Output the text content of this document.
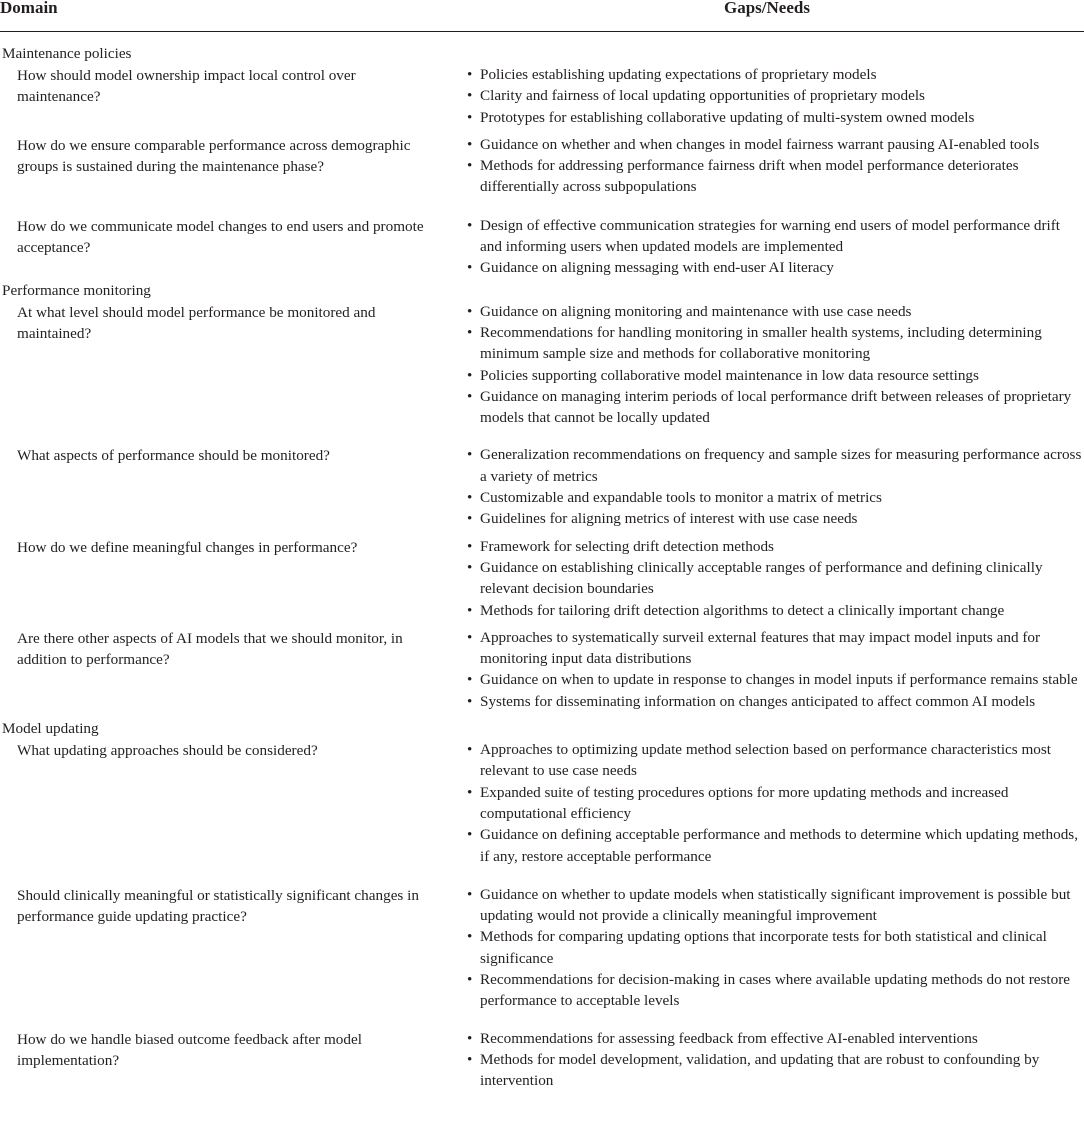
Domain	Gaps/Needs
Maintenance policies
How should model ownership impact local control over maintenance?
• Policies establishing updating expectations of proprietary models
• Clarity and fairness of local updating opportunities of proprietary models
• Prototypes for establishing collaborative updating of multi-system owned models
How do we ensure comparable performance across demographic groups is sustained during the maintenance phase?
• Guidance on whether and when changes in model fairness warrant pausing AI-enabled tools
• Methods for addressing performance fairness drift when model performance deteriorates differentially across subpopulations
How do we communicate model changes to end users and promote acceptance?
• Design of effective communication strategies for warning end users of model performance drift and informing users when updated models are implemented
• Guidance on aligning messaging with end-user AI literacy
Performance monitoring
At what level should model performance be monitored and maintained?
• Guidance on aligning monitoring and maintenance with use case needs
• Recommendations for handling monitoring in smaller health systems, including determining minimum sample size and methods for collaborative monitoring
• Policies supporting collaborative model maintenance in low data resource settings
• Guidance on managing interim periods of local performance drift between releases of proprietary models that cannot be locally updated
What aspects of performance should be monitored?	• Generalization recommendations on frequency and sample sizes for measuring performance across a variety of metrics
• Customizable and expandable tools to monitor a matrix of metrics
• Guidelines for aligning metrics of interest with use case needs
How do we define meaningful changes in performance?	• Framework for selecting drift detection methods
• Guidance on establishing clinically acceptable ranges of performance and defining clinically relevant decision boundaries
• Methods for tailoring drift detection algorithms to detect a clinically important change
Are there other aspects of AI models that we should monitor, in addition to performance?
• Approaches to systematically surveil external features that may impact model inputs and for monitoring input data distributions
• Guidance on when to update in response to changes in model inputs if performance remains stable
• Systems for disseminating information on changes anticipated to affect common AI models
Model updating
What updating approaches should be considered?	• Approaches to optimizing update method selection based on performance characteristics most relevant to use case needs
• Expanded suite of testing procedures options for more updating methods and increased computational efficiency
• Guidance on defining acceptable performance and methods to determine which updating methods, if any, restore acceptable performance
Should clinically meaningful or statistically significant changes in performance guide updating practice?
• Guidance on whether to update models when statistically significant improvement is possible but updating would not provide a clinically meaningful improvement
• Methods for comparing updating options that incorporate tests for both statistical and clinical significance
• Recommendations for decision-making in cases where available updating methods do not restore performance to acceptable levels
How do we handle biased outcome feedback after model implementation?
• Recommendations for assessing feedback from effective AI-enabled interventions
• Methods for model development, validation, and updating that are robust to confounding by intervention
